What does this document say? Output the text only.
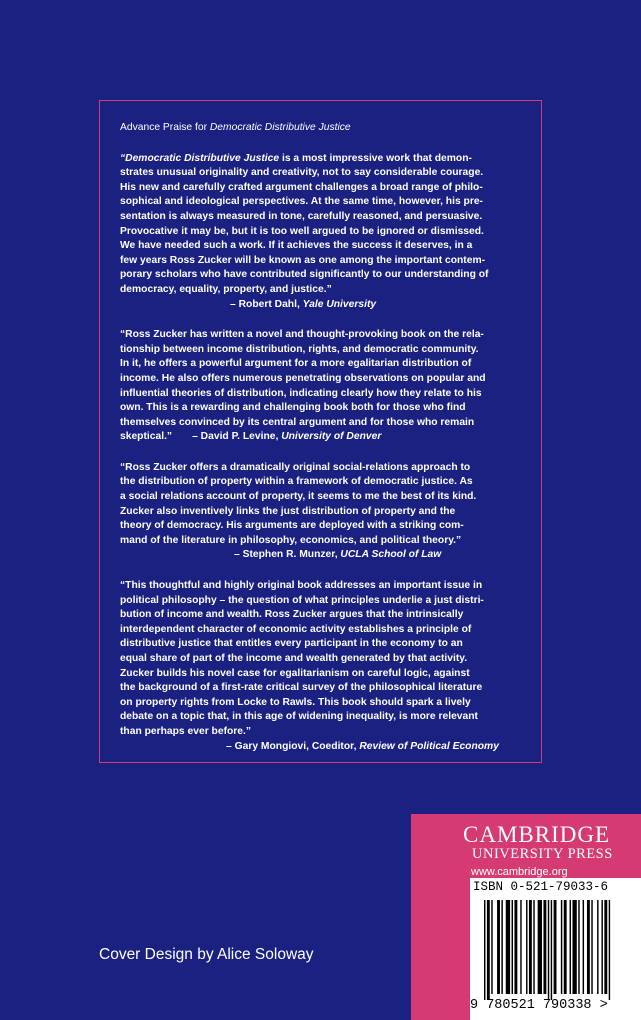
Advance Praise for Democratic Distributive Justice

“Democratic Distributive Justice is a most impressive work that demon-
strates unusual originality and creativity, not to say considerable courage.
His new and carefully crafted argument challenges a broad range of philo-
sophical and ideological perspectives. At the same time, however, his pre-
sentation is always measured in tone, carefully reasoned, and persuasive.
Provocative it may be, but it is too well argued to be ignored or dismissed.
We have needed such a work. If it achieves the success it deserves, in a
few years Ross Zucker will be known as one among the important contem-
porary scholars who have contributed significantly to our understanding of
democracy, equality, property, and justice.”
– Robert Dahl, Yale University
“Ross Zucker has written a novel and thought-provoking book on the rela-
tionship between income distribution, rights, and democratic community.
In it, he offers a powerful argument for a more egalitarian distribution of
income. He also offers numerous penetrating observations on popular and
influential theories of distribution, indicating clearly how they relate to his
own. This is a rewarding and challenging book both for those who find
themselves convinced by its central argument and for those who remain
skeptical.” – David P. Levine, University of Denver
“Ross Zucker offers a dramatically original social-relations approach to
the distribution of property within a framework of democratic justice. As
a social relations account of property, it seems to me the best of its kind.
Zucker also inventively links the just distribution of property and the
theory of democracy. His arguments are deployed with a striking com-
mand of the literature in philosophy, economics, and political theory.”
– Stephen R. Munzer, UCLA School of Law
“This thoughtful and highly original book addresses an important issue in
political philosophy – the question of what principles underlie a just distri-
bution of income and wealth. Ross Zucker argues that the intrinsically
interdependent character of economic activity establishes a principle of
distributive justice that entitles every participant in the economy to an
equal share of part of the income and wealth generated by that activity.
Zucker builds his novel case for egalitarianism on careful logic, against
the background of a first-rate critical survey of the philosophical literature
on property rights from Locke to Rawls. This book should spark a lively
debate on a topic that, in this age of widening inequality, is more relevant
than perhaps ever before.”
– Gary Mongiovi, Coeditor, Review of Political Economy
Cover Design by Alice Soloway
CAMBRIDGE
UNIVERSITY PRESS
www.cambridge.org
ISBN 0-521-79033-6
9 780521 790338 >
